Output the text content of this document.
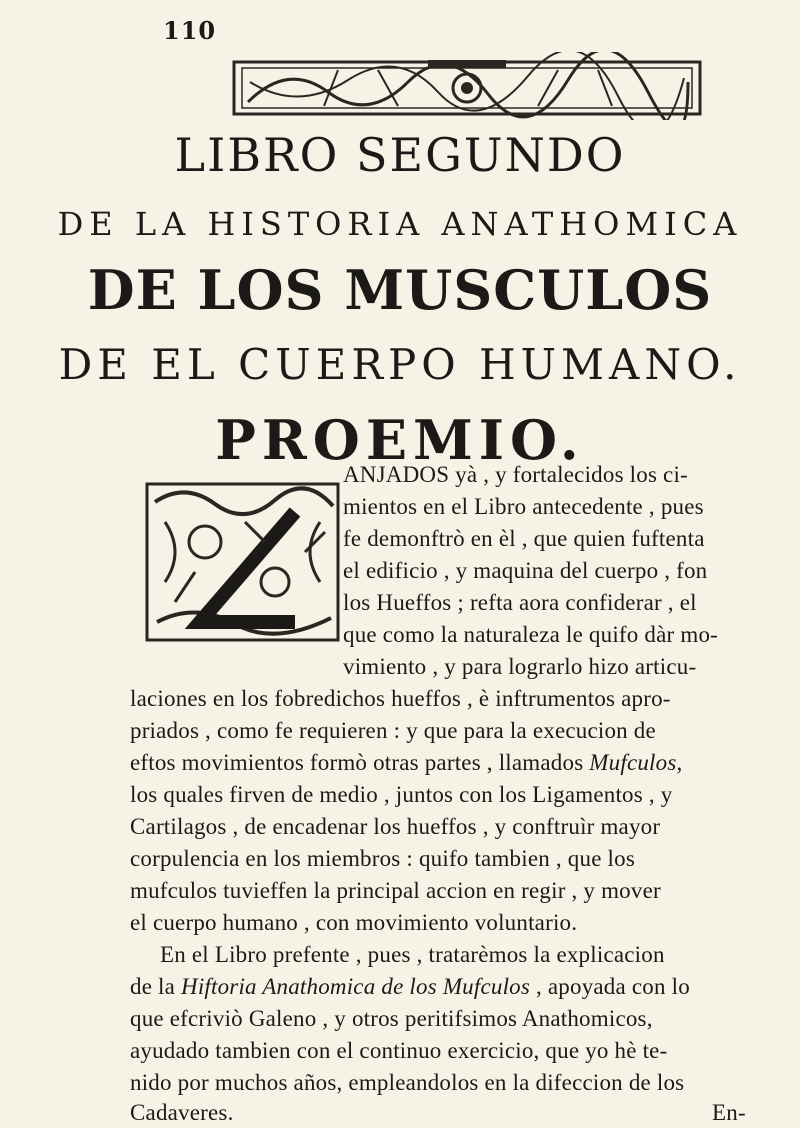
110
LIBRO SEGUNDO
DE LA HISTORIA ANATHOMICA
DE LOS MUSCULOS
DE EL CUERPO HUMANO.
PROEMIO.
ANJADOS yà , y fortalecidos los ci-
mientos en el Libro antecedente , pues
fe demonftrò en èl , que quien fuftenta
el edificio , y maquina del cuerpo , fon
los Hueffos ; refta aora confiderar , el
que como la naturaleza le quifo dàr mo-
vimiento , y para lograrlo hizo articu-
laciones en los fobredichos hueffos , è inftrumentos apro-
priados , como fe requieren : y que para la execucion de
eftos movimientos formò otras partes , llamados Mufculos,
los quales firven de medio , juntos con los Ligamentos , y
Cartilagos , de encadenar los hueffos , y conftruìr mayor
corpulencia en los miembros : quifo tambien , que los
mufculos tuvieffen la principal accion en regir , y mover
el cuerpo humano , con movimiento voluntario.
En el Libro prefente , pues , tratarèmos la explicacion
de la Hiftoria Anathomica de los Mufculos , apoyada con lo
que efcriviò Galeno , y otros peritifsimos Anathomicos,
ayudado tambien con el continuo exercicio, que yo hè te-
nido por muchos años, empleandolos en la difeccion de los
Cadaveres.	En-
